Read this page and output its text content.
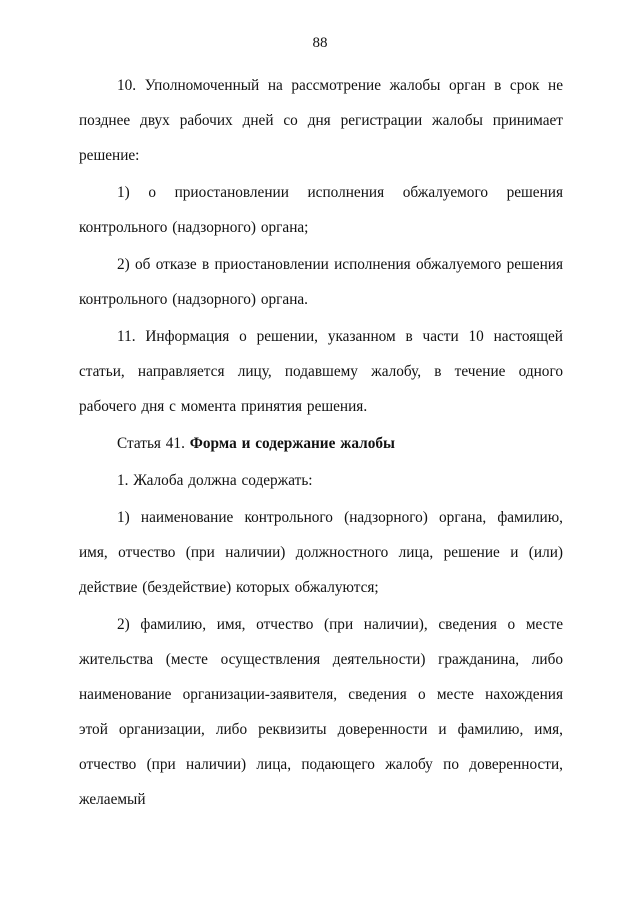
88

10. Уполномоченный на рассмотрение жалобы орган в срок не позднее двух рабочих дней со дня регистрации жалобы принимает решение:

1) о приостановлении исполнения обжалуемого решения контрольного (надзорного) органа;

2) об отказе в приостановлении исполнения обжалуемого решения контрольного (надзорного) органа.

11. Информация о решении, указанном в части 10 настоящей статьи, направляется лицу, подавшему жалобу, в течение одного рабочего дня с момента принятия решения.

Статья 41. Форма и содержание жалобы

1. Жалоба должна содержать:

1) наименование контрольного (надзорного) органа, фамилию, имя, отчество (при наличии) должностного лица, решение и (или) действие (бездействие) которых обжалуются;

2) фамилию, имя, отчество (при наличии), сведения о месте жительства (месте осуществления деятельности) гражданина, либо наименование организации-заявителя, сведения о месте нахождения этой организации, либо реквизиты доверенности и фамилию, имя, отчество (при наличии) лица, подающего жалобу по доверенности, желаемый
